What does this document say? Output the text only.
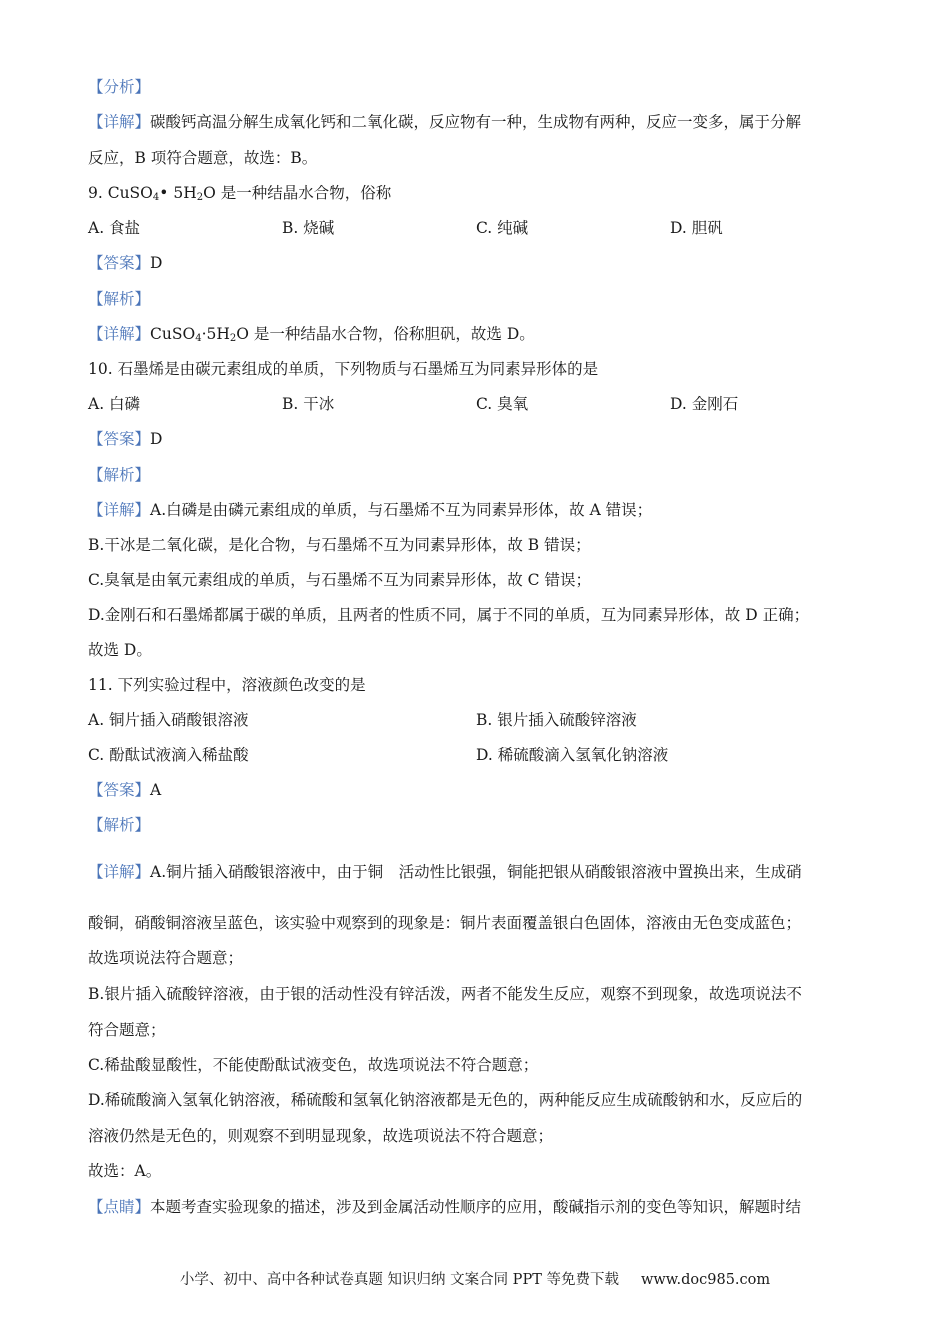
【分析】
【详解】碳酸钙高温分解生成氧化钙和二氧化碳，反应物有一种，生成物有两种，反应一变多，属于分解
反应，B 项符合题意，故选：B。
9. CuSO$_4$• $5H_2O$ 是一种结晶水合物，俗称
A. 食盐	B. 烧碱	C. 纯碱	D. 胆矾
【答案】D
【解析】
【详解】$CuSO_4\cdot 5H_2O$ 是一种结晶水合物，俗称胆矾，故选 D。
10. 石墨烯是由碳元素组成的单质，下列物质与石墨烯互为同素异形体的是
A. 白磷	B. 干冰	C. 臭氧	D. 金刚石
【答案】D
【解析】
【详解】A.白磷是由磷元素组成的单质，与石墨烯不互为同素异形体，故 A 错误；
B.干冰是二氧化碳，是化合物，与石墨烯不互为同素异形体，故 B 错误；
C.臭氧是由氧元素组成的单质，与石墨烯不互为同素异形体，故 C 错误；
D.金刚石和石墨烯都属于碳的单质，且两者的性质不同，属于不同的单质，互为同素异形体，故 D 正确；
故选 D。
11. 下列实验过程中，溶液颜色改变的是
A. 铜片插入硝酸银溶液	B. 银片插入硫酸锌溶液
C. 酚酞试液滴入稀盐酸	D. 稀硫酸滴入氢氧化钠溶液
【答案】A
【解析】
【详解】A.铜片插入硝酸银溶液中，由于铜　活动性比银强，铜能把银从硝酸银溶液中置换出来，生成硝
酸铜，硝酸铜溶液呈蓝色，该实验中观察到的现象是：铜片表面覆盖银白色固体，溶液由无色变成蓝色；
故选项说法符合题意；
B.银片插入硫酸锌溶液，由于银的活动性没有锌活泼，两者不能发生反应，观察不到现象，故选项说法不
符合题意；
C.稀盐酸显酸性，不能使酚酞试液变色，故选项说法不符合题意；
D.稀硫酸滴入氢氧化钠溶液，稀硫酸和氢氧化钠溶液都是无色的，两种能反应生成硫酸钠和水，反应后的
溶液仍然是无色的，则观察不到明显现象，故选项说法不符合题意；
故选：A。
【点睛】本题考查实验现象的描述，涉及到金属活动性顺序的应用，酸碱指示剂的变色等知识，解题时结
小学、初中、高中各种试卷真题 知识归纳 文案合同 PPT 等免费下载 www.doc985.com
